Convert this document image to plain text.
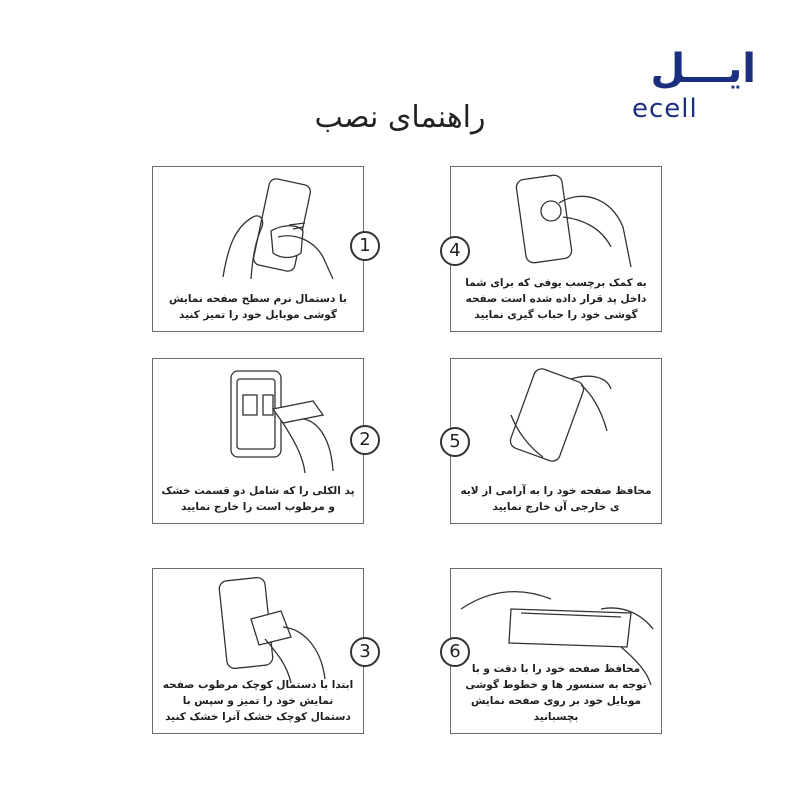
ایـــل
ecell
راهنمای نصب
با دستمال نرم سطح صفحه نمایش گوشی موبایل خود را تمیز کنید
1
پد الکلی را که شامل دو قسمت خشک و مرطوب است را خارج نمایید
2
ابتدا با دستمال کوچک مرطوب صفحه نمایش خود را تمیز و سپس با دستمال کوچک خشک آنرا خشک کنید
3
به کمک برچسب یوفی که برای شما داخل پد قرار داده شده است صفحه گوشی خود را حباب گیری نمایید
4
محافظ صفحه خود را به آرامی از لایه ی خارجی آن خارج نمایید
5
محافظ صفحه خود را با دقت و با توجه به سنسور ها و خطوط گوشی موبایل خود بر روی صفحه نمایش بچسبانید
6
